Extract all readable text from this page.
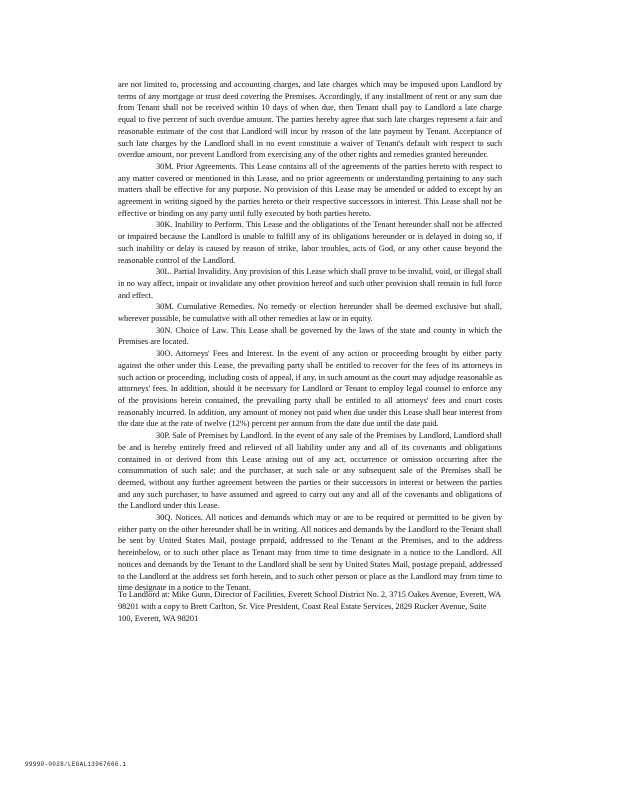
are not limited to, processing and accounting charges, and late charges which may be imposed upon Landlord by terms of any mortgage or trust deed covering the Premises. Accordingly, if any installment of rent or any sum due from Tenant shall not be received within 10 days of when due, then Tenant shall pay to Landlord a late charge equal to five percent of such overdue amount. The parties hereby agree that such late charges represent a fair and reasonable estimate of the cost that Landlord will incur by reason of the late payment by Tenant. Acceptance of such late charges by the Landlord shall in no event constitute a waiver of Tenant's default with respect to such overdue amount, nor prevent Landlord from exercising any of the other rights and remedies granted hereunder.

30M. Prior Agreements. This Lease contains all of the agreements of the parties hereto with respect to any matter covered or mentioned in this Lease, and no prior agreements or understanding pertaining to any such matters shall be effective for any purpose. No provision of this Lease may be amended or added to except by an agreement in writing signed by the parties hereto or their respective successors in interest. This Lease shall not be effective or binding on any party until fully executed by both parties hereto.

30K. Inability to Perform. This Lease and the obligations of the Tenant hereunder shall not be affected or impaired because the Landlord is unable to fulfill any of its obligations hereunder or is delayed in doing so, if such inability or delay is caused by reason of strike, labor troubles, acts of God, or any other cause beyond the reasonable control of the Landlord.

30L. Partial Invalidity. Any provision of this Lease which shall prove to be invalid, void, or illegal shall in no way affect, impair or invalidate any other provision hereof and such other provision shall remain in full force and effect.

30M. Cumulative Remedies. No remedy or election hereunder shall be deemed exclusive but shall, wherever possible, be cumulative with all other remedies at law or in equity.

30N. Choice of Law. This Lease shall be governed by the laws of the state and county in which the Premises are located.

30O. Attorneys' Fees and Interest. In the event of any action or proceeding brought by either party against the other under this Lease, the prevailing party shall be entitled to recover for the fees of its attorneys in such action or proceeding, including costs of appeal, if any, in such amount as the court may adjudge reasonable as attorneys' fees. In addition, should it be necessary for Landlord or Tenant to employ legal counsel to enforce any of the provisions herein contained, the prevailing party shall be entitled to all attorneys' fees and court costs reasonably incurred. In addition, any amount of money not paid when due under this Lease shall bear interest from the date due at the rate of twelve (12%) percent per annum from the date due until the date paid.

30P. Sale of Premises by Landlord. In the event of any sale of the Premises by Landlord, Landlord shall be and is hereby entirely freed and relieved of all liability under any and all of its covenants and obligations contained in or derived from this Lease arising out of any act, occurrence or omission occurring after the consummation of such sale; and the purchaser, at such sale or any subsequent sale of the Premises shall be deemed, without any further agreement between the parties or their successors in interest or between the parties and any such purchaser, to have assumed and agreed to carry out any and all of the covenants and obligations of the Landlord under this Lease.

30Q. Notices. All notices and demands which may or are to be required or permitted to be given by either party on the other hereunder shall be in writing. All notices and demands by the Landlord to the Tenant shall be sent by United States Mail, postage prepaid, addressed to the Tenant at the Premises, and to the address hereinbelow, or to such other place as Tenant may from time to time designate in a notice to the Landlord. All notices and demands by the Tenant to the Landlord shall be sent by United States Mail, postage prepaid, addressed to the Landlord at the address set forth herein, and to such other person or place as the Landlord may from time to time designate in a notice to the Tenant.

To Landlord at: Mike Gunn, Director of Facilities, Everett School District No. 2, 3715 Oakes Avenue, Everett, WA 98201 with a copy to Brett Carlton, Sr. Vice President, Coast Real Estate Services, 2829 Rucker Avenue, Suite 100, Everett, WA 98201

99999-0028/LEGAL13967666.1
